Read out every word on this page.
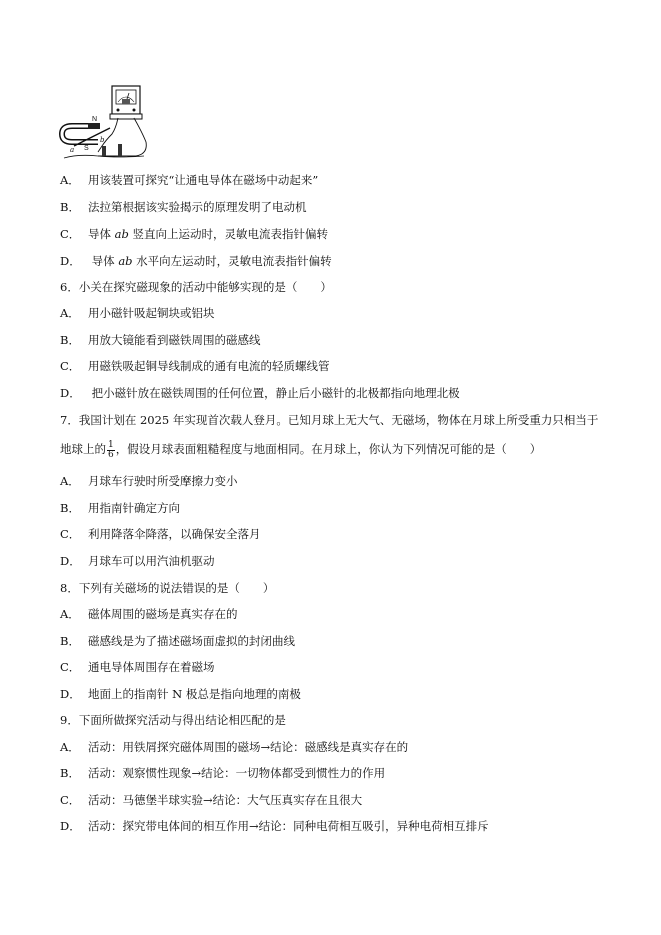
N
S
a
b
A． 用该装置可探究“让通电导体在磁场中动起来”
B． 法拉第根据该实验揭示的原理发明了电动机
C． 导体 ab 竖直向上运动时，灵敏电流表指针偏转
D． 导体 ab 水平向左运动时，灵敏电流表指针偏转
6．小关在探究磁现象的活动中能够实现的是（　　）
A． 用小磁针吸起铜块或铝块
B． 用放大镜能看到磁铁周围的磁感线
C． 用磁铁吸起铜导线制成的通有电流的轻质螺线管
D． 把小磁针放在磁铁周围的任何位置，静止后小磁针的北极都指向地理北极
7．我国计划在 2025 年实现首次载人登月。已知月球上无大气、无磁场，物体在月球上所受重力只相当于
地球上的 $\frac{1}{6}$ ，假设月球表面粗糙程度与地面相同。在月球上，你认为下列情况可能的是（　　）
A． 月球车行驶时所受摩擦力变小
B． 用指南针确定方向
C． 利用降落伞降落，以确保安全落月
D． 月球车可以用汽油机驱动
8．下列有关磁场的说法错误的是（　　）
A． 磁体周围的磁场是真实存在的
B． 磁感线是为了描述磁场面虚拟的封闭曲线
C． 通电导体周围存在着磁场
D． 地面上的指南针 N 极总是指向地理的南极
9．下面所做探究活动与得出结论相匹配的是
A． 活动：用铁屑探究磁体周围的磁场→结论：磁感线是真实存在的
B． 活动：观察惯性现象→结论：一切物体都受到惯性力的作用
C． 活动：马德堡半球实验→结论：大气压真实存在且很大
D． 活动：探究带电体间的相互作用→结论：同种电荷相互吸引，异种电荷相互排斥
